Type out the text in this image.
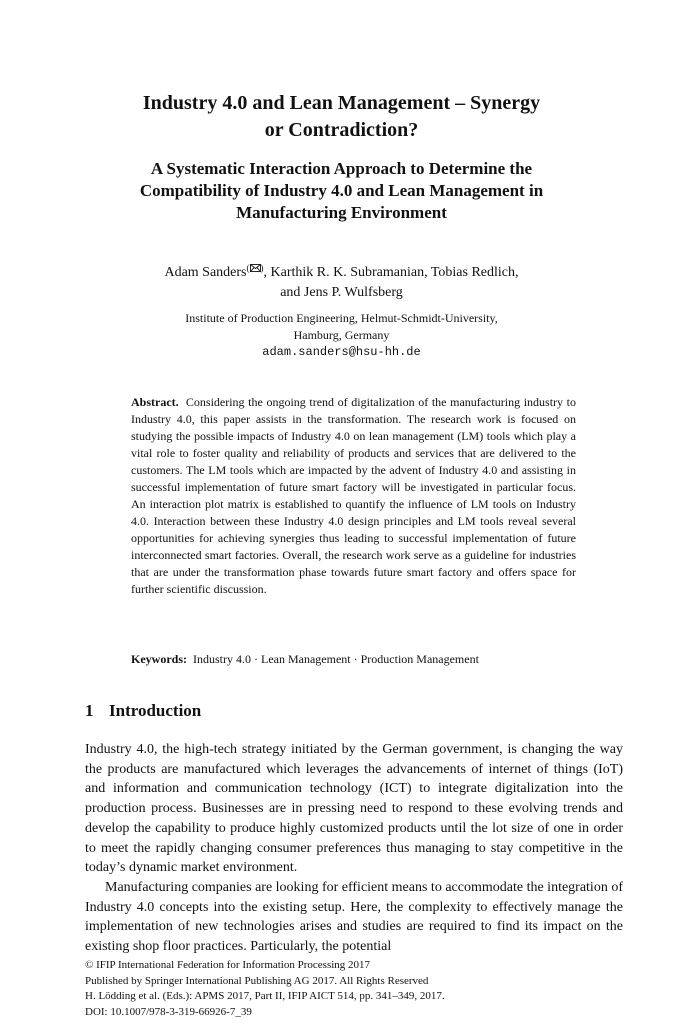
Industry 4.0 and Lean Management – Synergy
or Contradiction?
A Systematic Interaction Approach to Determine the
Compatibility of Industry 4.0 and Lean Management in
Manufacturing Environment
Adam Sanders( ), Karthik R. K. Subramanian, Tobias Redlich,
and Jens P. Wulfsberg
Institute of Production Engineering, Helmut-Schmidt-University,
Hamburg, Germany
adam.sanders@hsu-hh.de

Abstract. Considering the ongoing trend of digitalization of the manufacturing industry to Industry 4.0, this paper assists in the transformation. The research work is focused on studying the possible impacts of Industry 4.0 on lean management (LM) tools which play a vital role to foster quality and reliability of products and services that are delivered to the customers. The LM tools which are impacted by the advent of Industry 4.0 and assisting in successful implementation of future smart factory will be investigated in particular focus. An interaction plot matrix is established to quantify the influence of LM tools on Industry 4.0. Interaction between these Industry 4.0 design principles and LM tools reveal several opportunities for achieving synergies thus leading to successful implementation of future interconnected smart factories. Overall, the research work serve as a guideline for industries that are under the transformation phase towards future smart factory and offers space for further scientific discussion.

Keywords: Industry 4.0 · Lean Management · Production Management
1 Introduction

Industry 4.0, the high-tech strategy initiated by the German government, is changing the way the products are manufactured which leverages the advancements of internet of things (IoT) and information and communication technology (ICT) to integrate digitalization into the production process. Businesses are in pressing need to respond to these evolving trends and develop the capability to produce highly customized products until the lot size of one in order to meet the rapidly changing consumer preferences thus managing to stay competitive in the today’s dynamic market environment.

Manufacturing companies are looking for efficient means to accommodate the integration of Industry 4.0 concepts into the existing setup. Here, the complexity to effectively manage the implementation of new technologies arises and studies are required to find its impact on the existing shop floor practices. Particularly, the potential

© IFIP International Federation for Information Processing 2017
Published by Springer International Publishing AG 2017. All Rights Reserved
H. Lödding et al. (Eds.): APMS 2017, Part II, IFIP AICT 514, pp. 341–349, 2017.
DOI: 10.1007/978-3-319-66926-7_39
